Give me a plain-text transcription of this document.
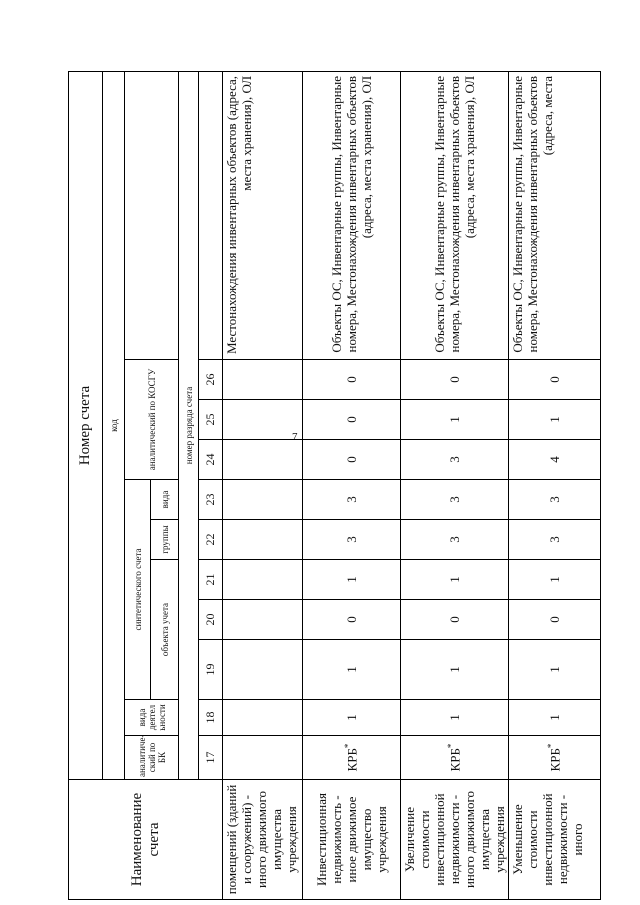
7
Наименование счета	Номер счета	
	код											
	аналитический по БК	вида деятел ьности	синтетического счета					аналитический по КОСГУ				
			объекта учета			группы	вида					
	номер разряда счета											
	17	18	19	20	21	22	23	24	25	26		
помещений (зданий и сооружений) - иного движимого имущества учреждения											Местонахождения инвентарных объектов (адреса, места хранения), ОЛ	
Инвестиционная недвижимость - иное движимое имущество учреждения	КРБ*	1	1	0	1	3	3	0	0	0	Объекты ОС, Инвентарные группы, Инвентарные номера, Местонахождения инвентарных объектов (адреса, места хранения), ОЛ	
Увеличение стоимости инвестиционной недвижимости - иного движимого имущества учреждения	КРБ*	1	1	0	1	3	3	3	1	0	Объекты ОС, Инвентарные группы, Инвентарные номера, Местонахождения инвентарных объектов (адреса, места хранения), ОЛ	
Уменьшение стоимости инвестиционной недвижимости - иного	КРБ*	1	1	0	1	3	3	4	1	0	Объекты ОС, Инвентарные группы, Инвентарные номера, Местонахождения инвентарных объектов (адреса, места	
